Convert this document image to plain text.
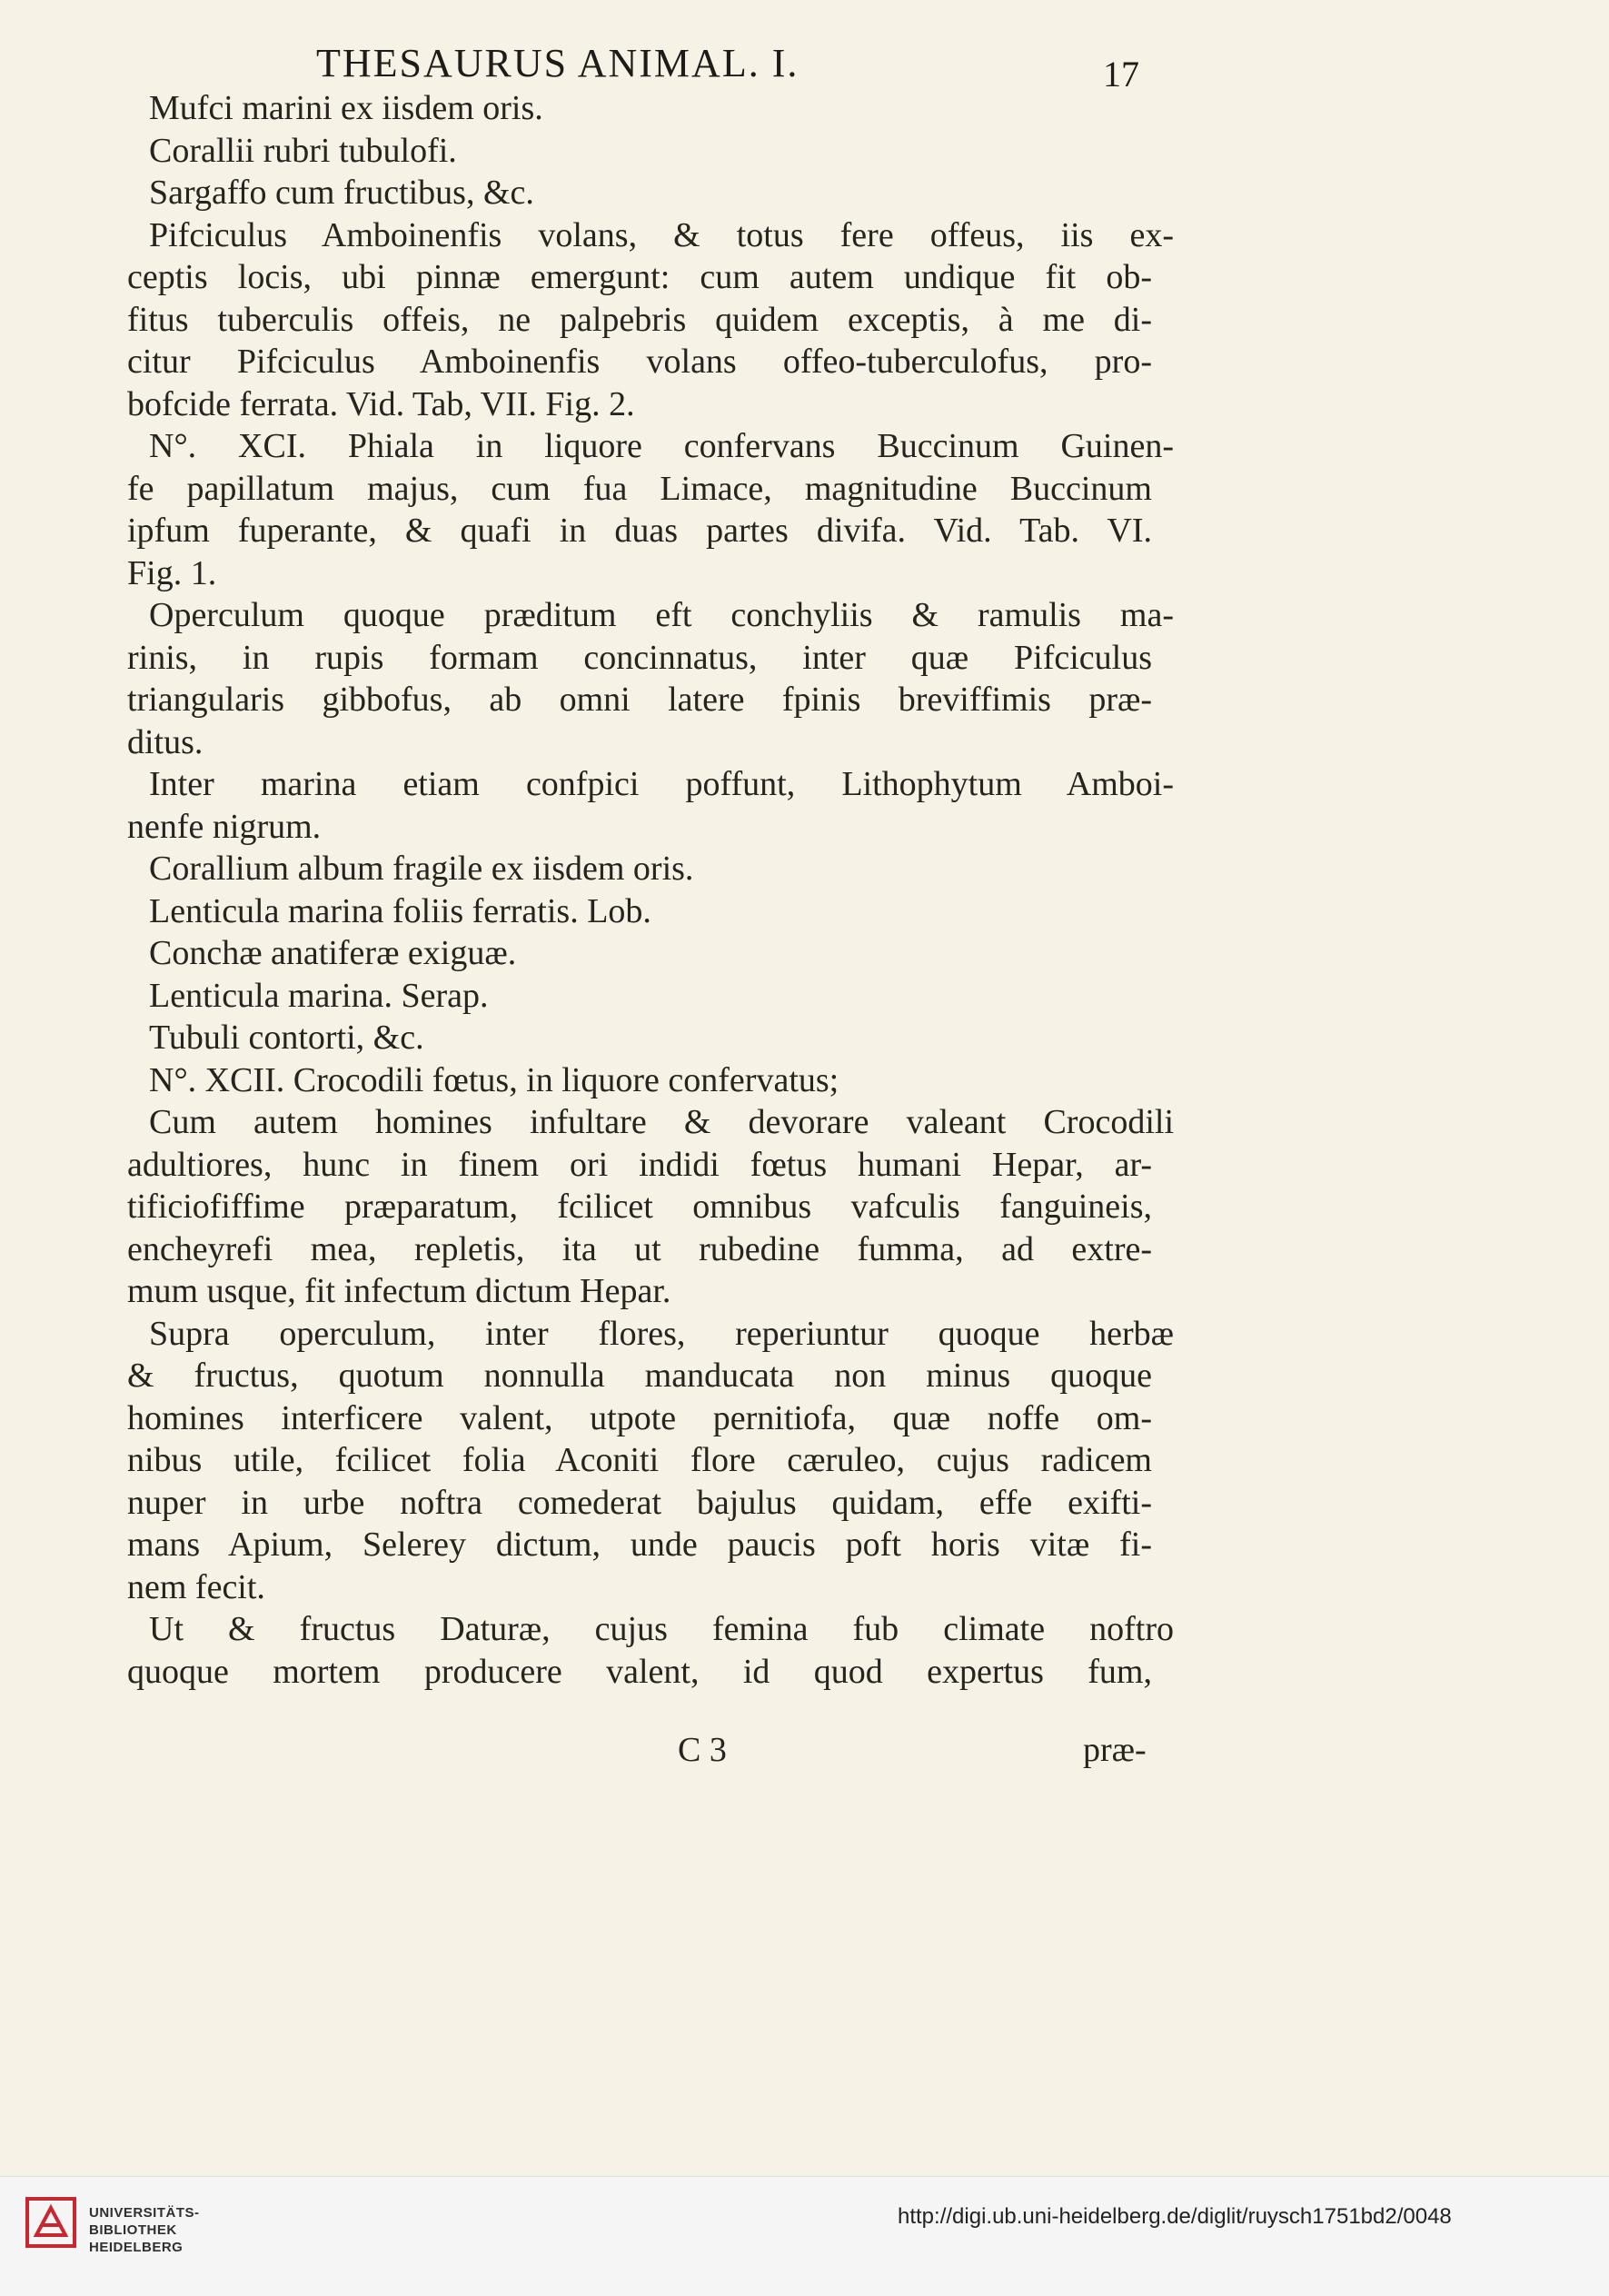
THESAURUS ANIMAL. I.	17
Mufci marini ex iisdem oris.
Corallii rubri tubulofi.
Sargaffo cum fructibus, &c.
Pifciculus Amboinenfis volans, & totus fere offeus, iis ex-
ceptis locis, ubi pinnæ emergunt: cum autem undique fit ob-
fitus tuberculis offeis, ne palpebris quidem exceptis, à me di-
citur Pifciculus Amboinenfis volans offeo-tuberculofus, pro-
bofcide ferrata. Vid. Tab, VII. Fig. 2.
N°. XCI. Phiala in liquore confervans Buccinum Guinen-
fe papillatum majus, cum fua Limace, magnitudine Buccinum
ipfum fuperante, & quafi in duas partes divifa. Vid. Tab. VI.
Fig. 1.
Operculum quoque præditum eft conchyliis & ramulis ma-
rinis, in rupis formam concinnatus, inter quæ Pifciculus
triangularis gibbofus, ab omni latere fpinis breviffimis præ-
ditus.
Inter marina etiam confpici poffunt, Lithophytum Amboi-
nenfe nigrum.
Corallium album fragile ex iisdem oris.
Lenticula marina foliis ferratis. Lob.
Conchæ anatiferæ exiguæ.
Lenticula marina. Serap.
Tubuli contorti, &c.
N°. XCII. Crocodili fœtus, in liquore confervatus;
Cum autem homines infultare & devorare valeant Crocodili
adultiores, hunc in finem ori indidi fœtus humani Hepar, ar-
tificiofiffime præparatum, fcilicet omnibus vafculis fanguineis,
encheyrefi mea, repletis, ita ut rubedine fumma, ad extre-
mum usque, fit infectum dictum Hepar.
Supra operculum, inter flores, reperiuntur quoque herbæ
& fructus, quotum nonnulla manducata non minus quoque
homines interficere valent, utpote pernitiofa, quæ noffe om-
nibus utile, fcilicet folia Aconiti flore cæruleo, cujus radicem
nuper in urbe noftra comederat bajulus quidam, effe exifti-
mans Apium, Selerey dictum, unde paucis poft horis vitæ fi-
nem fecit.
Ut & fructus Daturæ, cujus femina fub climate noftro
quoque mortem producere valent, id quod expertus fum,
C 3	præ-
UNIVERSITÄTS-
BIBLIOTHEK
HEIDELBERG
http://digi.ub.uni-heidelberg.de/diglit/ruysch1751bd2/0048
